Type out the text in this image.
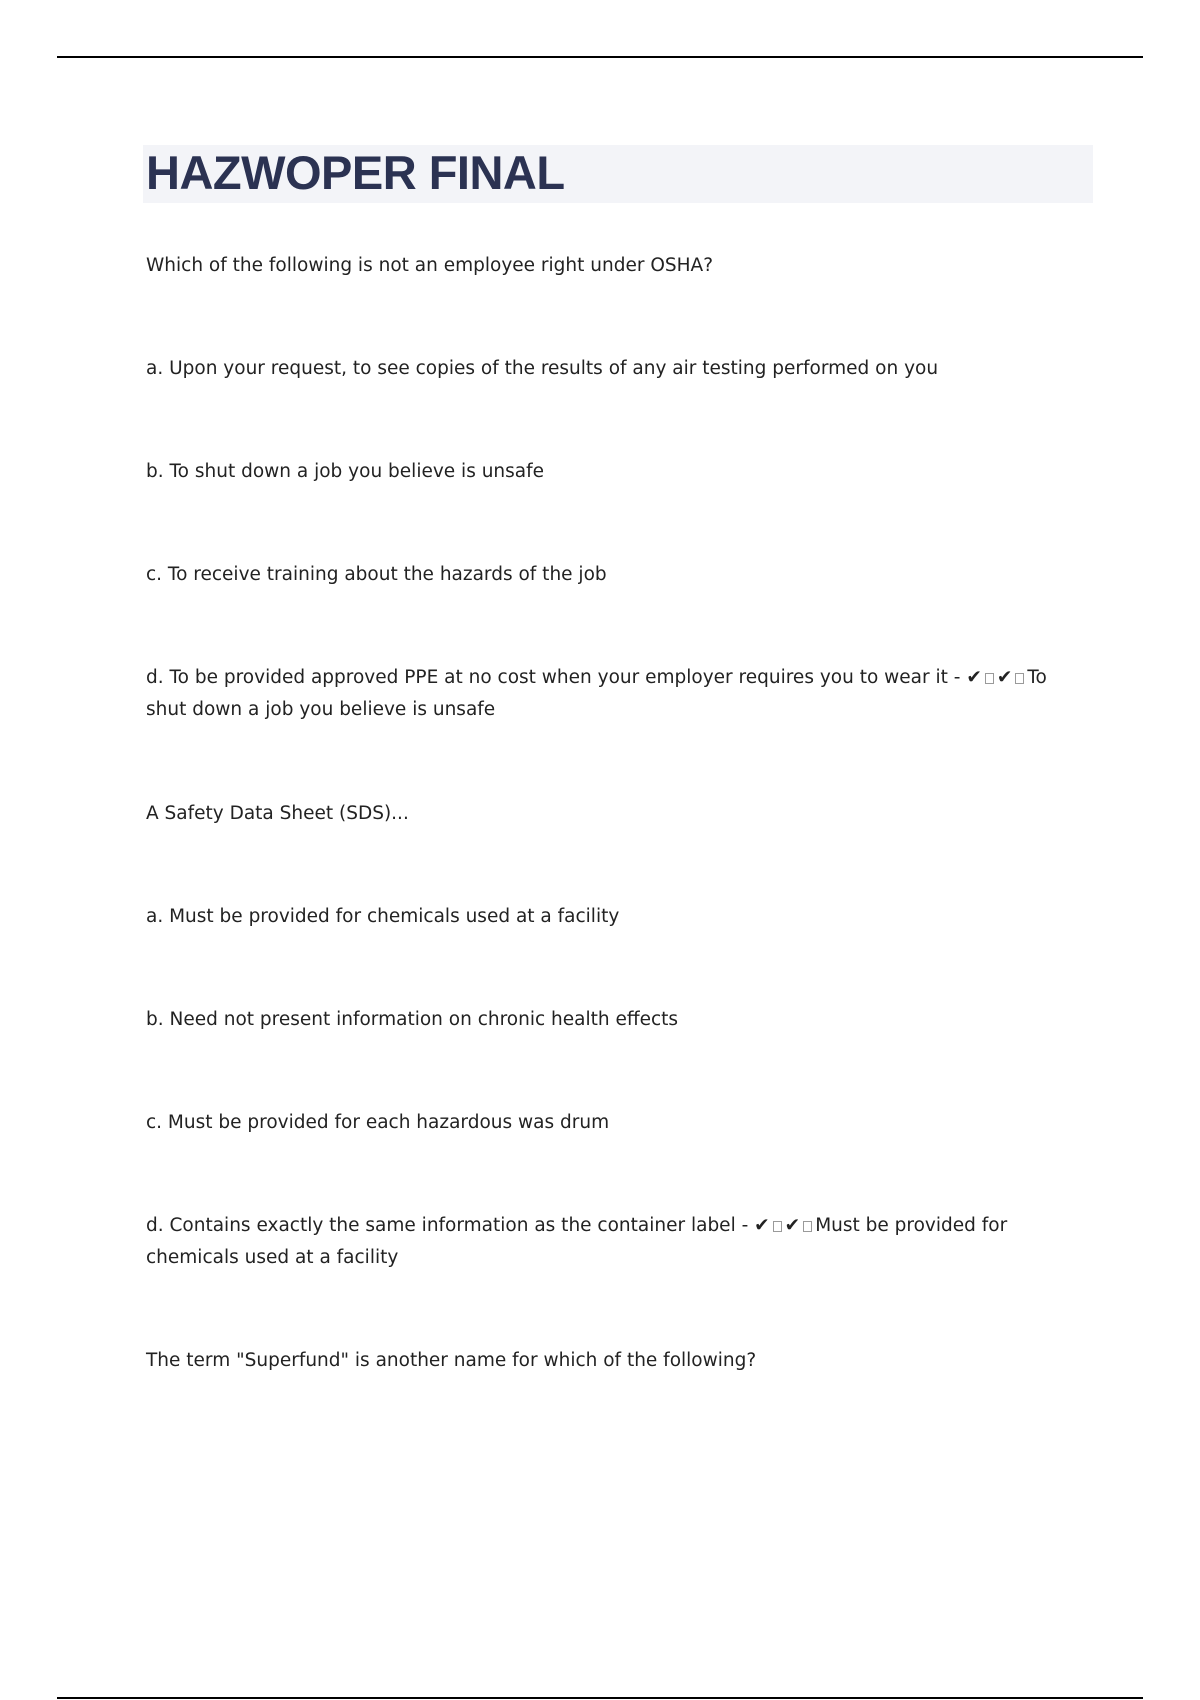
HAZWOPER FINAL

Which of the following is not an employee right under OSHA?

a. Upon your request, to see copies of the results of any air testing performed on you

b. To shut down a job you believe is unsafe

c. To receive training about the hazards of the job

d. To be provided approved PPE at no cost when your employer requires you to wear it - ✔ ✔ To
shut down a job you believe is unsafe

A Safety Data Sheet (SDS)...

a. Must be provided for chemicals used at a facility

b. Need not present information on chronic health effects

c. Must be provided for each hazardous was drum

d. Contains exactly the same information as the container label - ✔ ✔ Must be provided for
chemicals used at a facility

The term "Superfund" is another name for which of the following?
